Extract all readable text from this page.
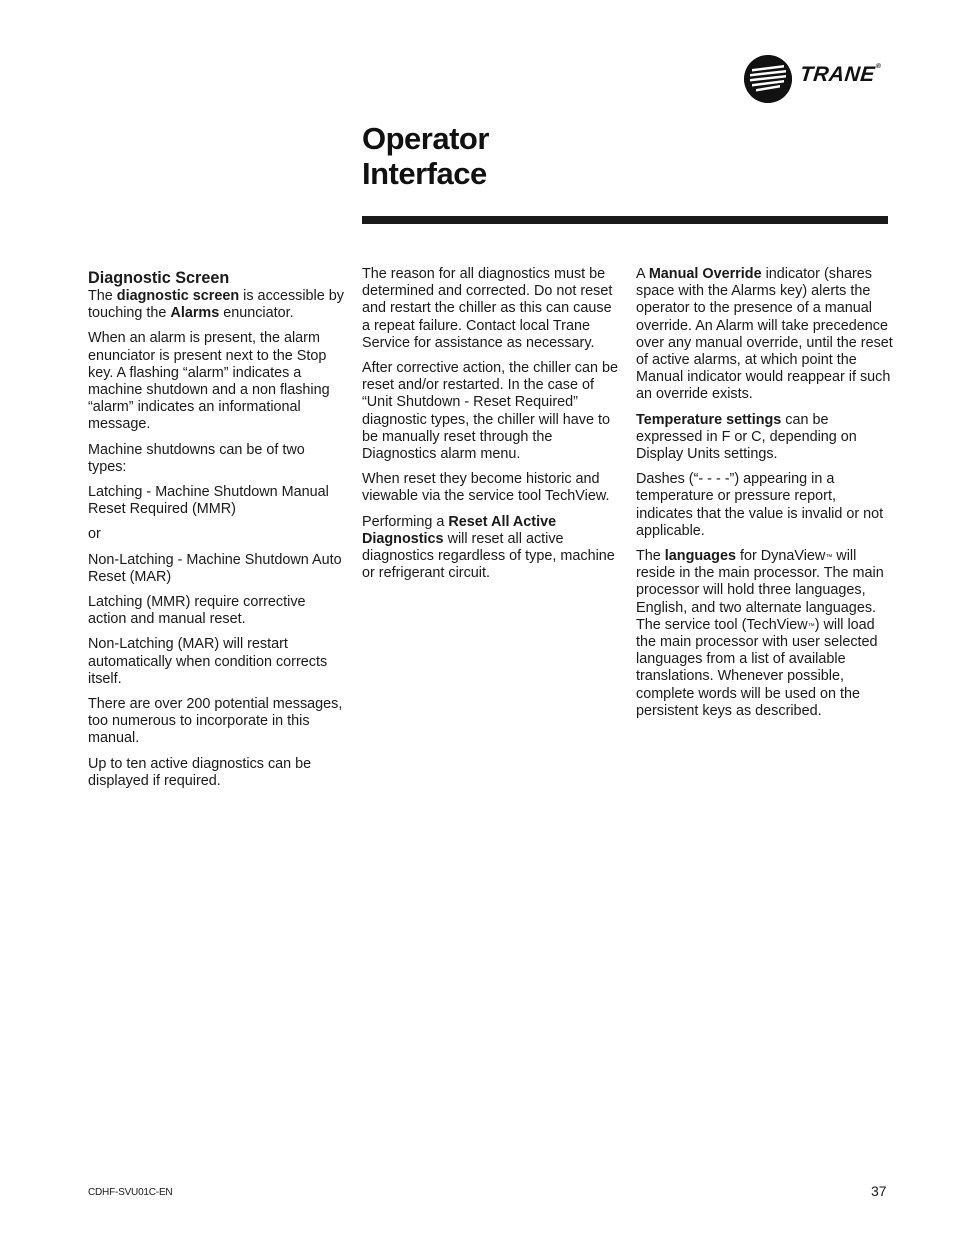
TRANE®
Operator
Interface
Diagnostic Screen

The diagnostic screen is accessible by touching the Alarms enunciator.

When an alarm is present, the alarm enunciator is present next to the Stop key. A flashing “alarm” indicates a machine shutdown and a non flashing “alarm” indicates an informational message.

Machine shutdowns can be of two types:

Latching - Machine Shutdown Manual Reset Required (MMR)

or

Non-Latching - Machine Shutdown Auto Reset (MAR)

Latching (MMR) require corrective action and manual reset.

Non-Latching (MAR) will restart automatically when condition corrects itself.

There are over 200 potential messages, too numerous to incorporate in this manual.

Up to ten active diagnostics can be displayed if required.

The reason for all diagnostics must be determined and corrected. Do not reset and restart the chiller as this can cause a repeat failure. Contact local Trane Service for assistance as necessary.

After corrective action, the chiller can be reset and/or restarted. In the case of “Unit Shutdown - Reset Required” diagnostic types, the chiller will have to be manually reset through the Diagnostics alarm menu.

When reset they become historic and viewable via the service tool TechView.

Performing a Reset All Active Diagnostics will reset all active diagnostics regardless of type, machine or refrigerant circuit.

A Manual Override indicator (shares space with the Alarms key) alerts the operator to the presence of a manual override. An Alarm will take precedence over any manual override, until the reset of active alarms, at which point the Manual indicator would reappear if such an override exists.

Temperature settings can be expressed in F or C, depending on Display Units settings.

Dashes (“- - - -”) appearing in a temperature or pressure report, indicates that the value is invalid or not applicable.

The languages for DynaView™ will reside in the main processor. The main processor will hold three languages, English, and two alternate languages. The service tool (TechView™) will load the main processor with user selected languages from a list of available translations. Whenever possible, complete words will be used on the persistent keys as described.

CDHF-SVU01C-EN	37
